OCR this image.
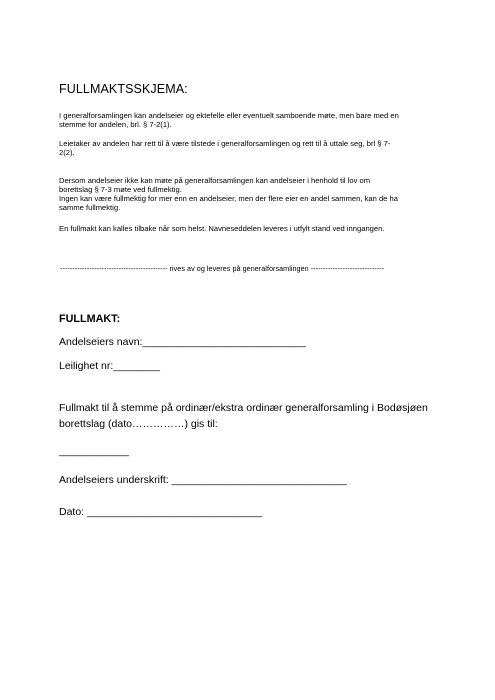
FULLMAKTSSKJEMA:

I generalforsamlingen kan andelseier og ektefelle eller eventuelt samboende møte, men bare med en
stemme for andelen, brl. § 7-2(1).

Leietaker av andelen har rett til å være tilstede i generalforsamlingen og rett til å uttale seg, brl § 7-
2(2).

Dersom andelseier ikke kan møte på generalforsamlingen kan andelseier i henhold til lov om
borettslag § 7-3 møte ved fullmektig.
Ingen kan være fullmektig for mer enn en andelseier, men der flere eier en andel sammen, kan de ha
samme fullmektig.

En fullmakt kan kalles tilbake når som helst. Navneseddelen leveres i utfylt stand ved inngangen.

-------------------------------------------- rives av og leveres på generalforsamlingen ------------------------------

FULLMAKT:

Andelseiers navn:____________________________

Leilighet nr:________

Fullmakt til å stemme på ordinær/ekstra ordinær generalforsamling i Bodøsjøen
borettslag (dato……………) gis til:

____________

Andelseiers underskrift: ______________________________

Dato: ______________________________
